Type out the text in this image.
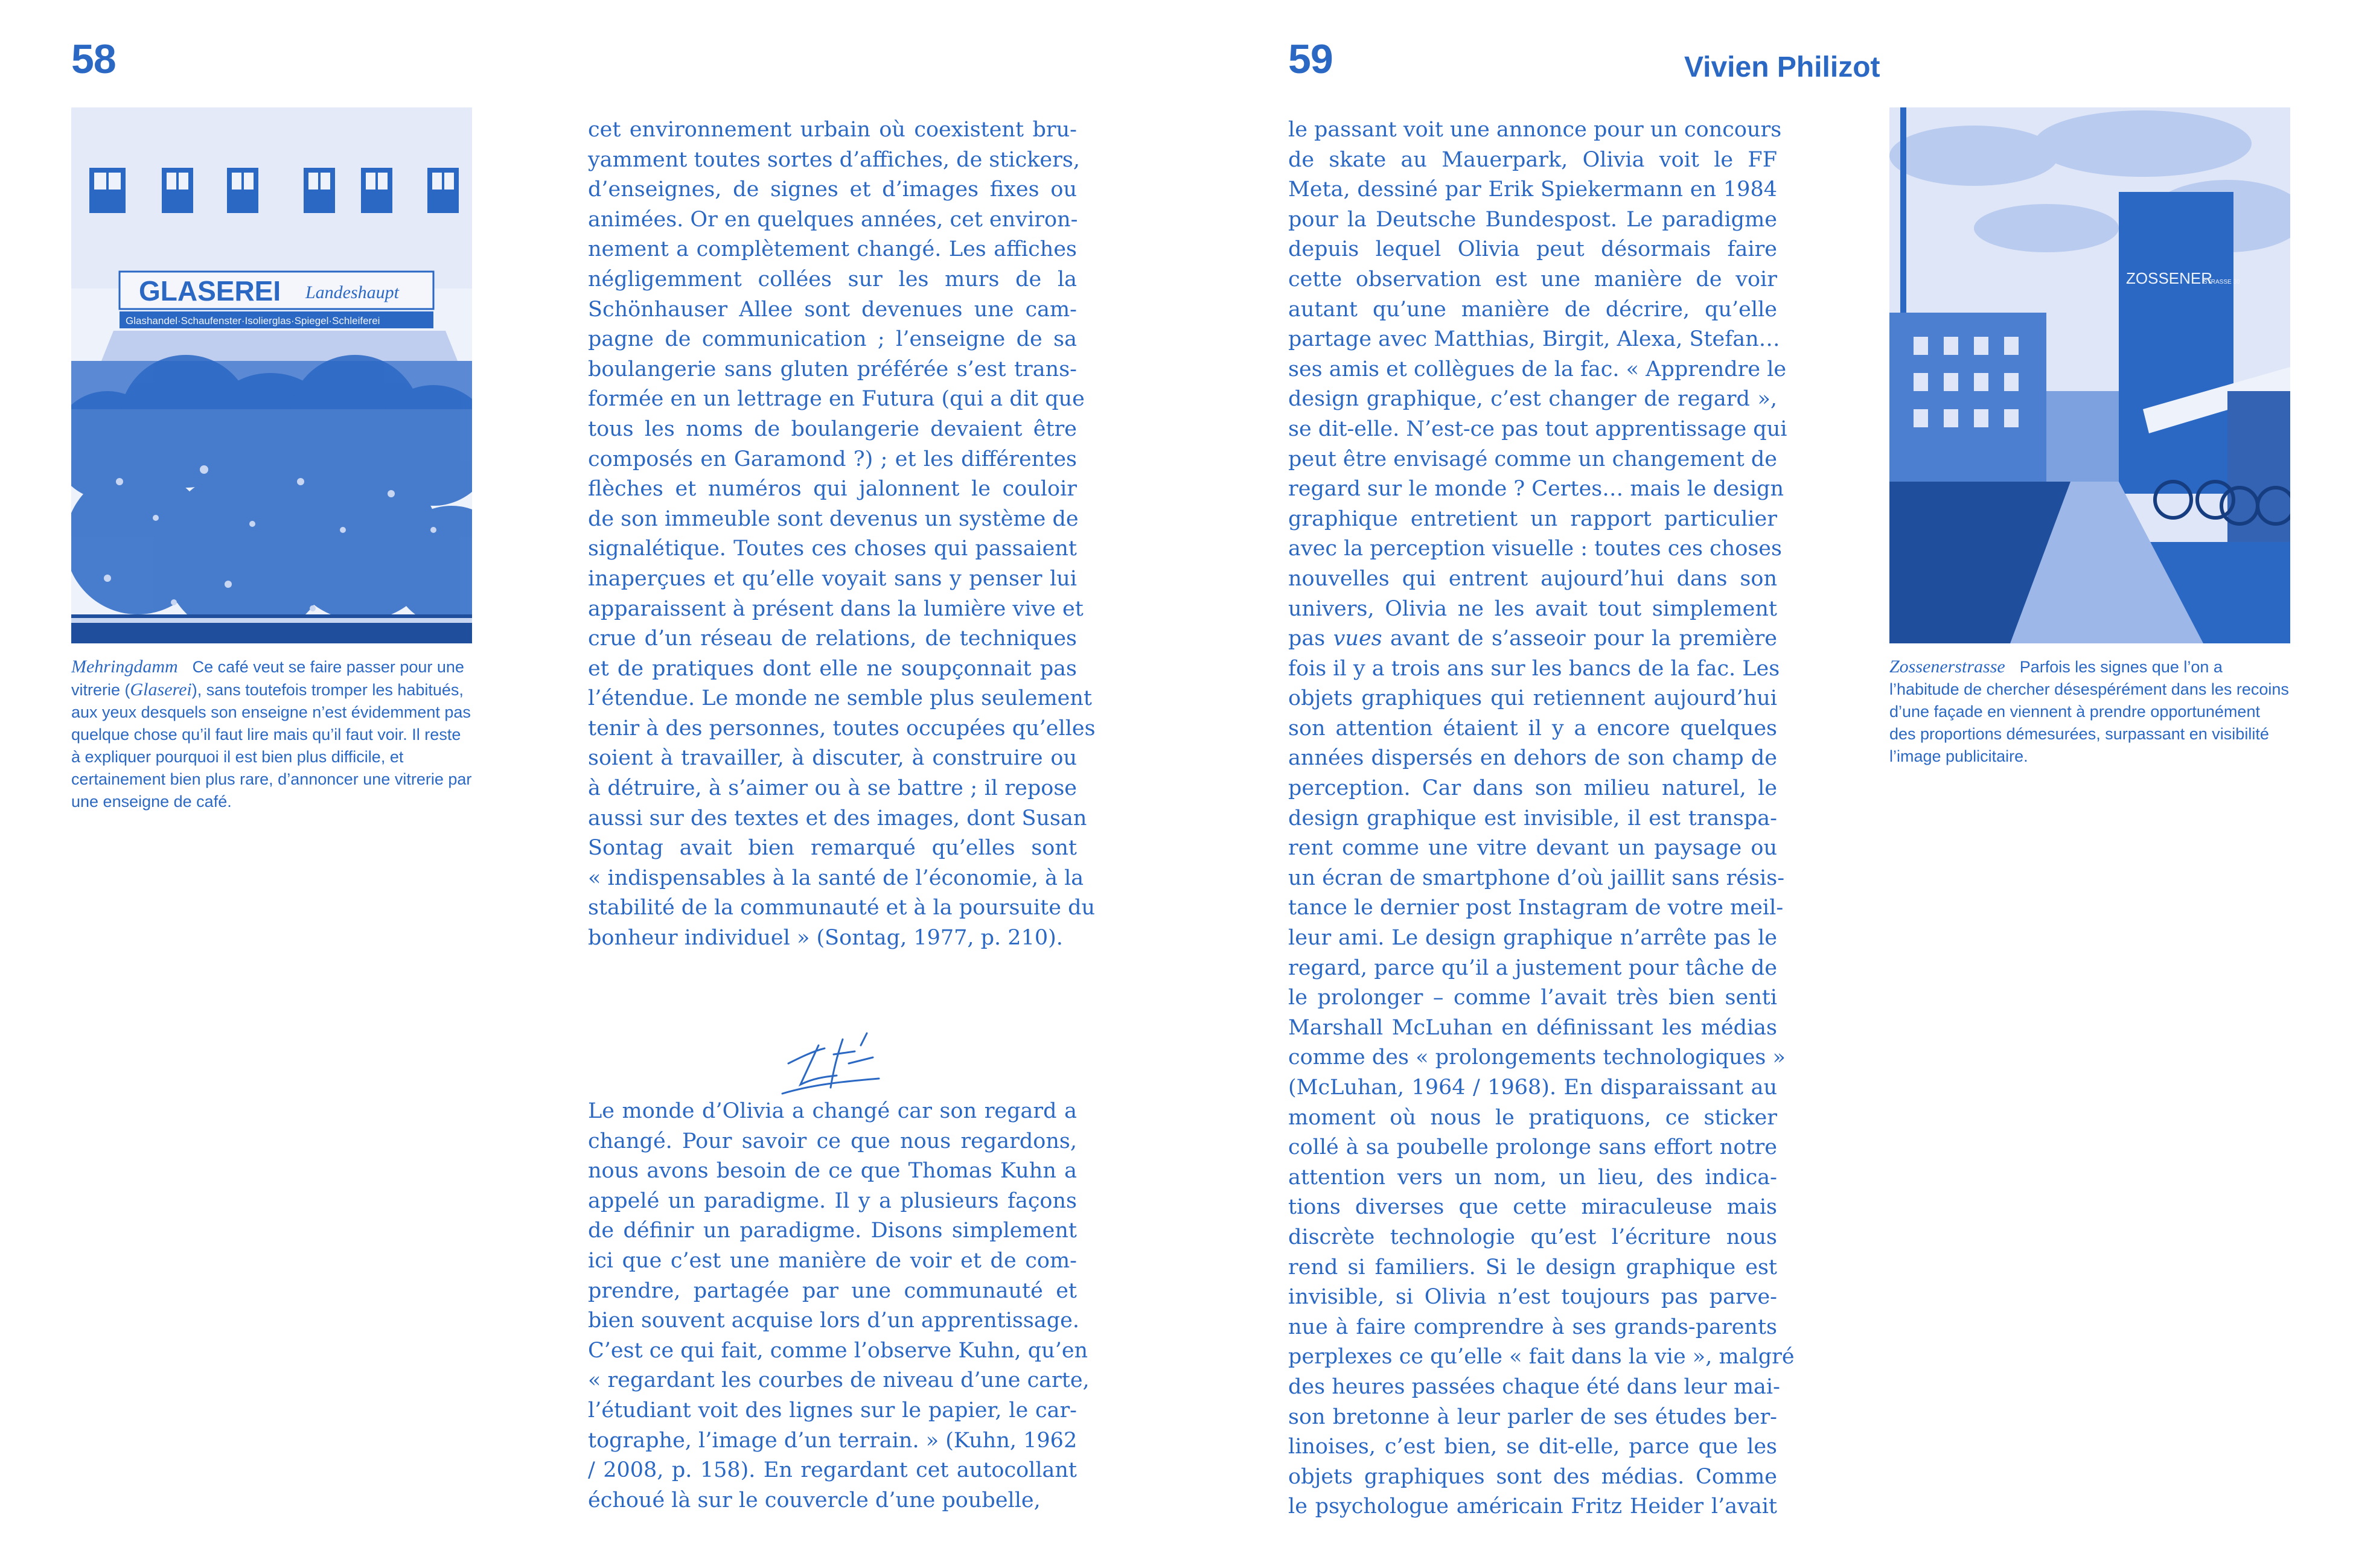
58
GLASEREI Landeshaupt
Glashandel·Schaufenster·Isolierglas·Spiegel·Schleiferei
Mehringdamm Ce café veut se faire passer pour une vitrerie (Glaserei), sans toutefois tromper les habitués, aux yeux desquels son enseigne n’est évidemment pas quelque chose qu’il faut lire mais qu’il faut voir. Il reste à expliquer pourquoi il est bien plus difficile, et certainement bien plus rare, d’annoncer une vitrerie par une enseigne de café.
cet environnement urbain où coexistent bru-
yamment toutes sortes d’affiches, de stickers,
d’enseignes, de signes et d’images fixes ou
animées. Or en quelques années, cet environ-
nement a complètement changé. Les affiches
négligemment collées sur les murs de la
Schönhauser Allee sont devenues une cam-
pagne de communication ; l’enseigne de sa
boulangerie sans gluten préférée s’est trans-
formée en un lettrage en Futura (qui a dit que
tous les noms de boulangerie devaient être
composés en Garamond ?) ; et les différentes
flèches et numéros qui jalonnent le couloir
de son immeuble sont devenus un système de
signalétique. Toutes ces choses qui passaient
inaperçues et qu’elle voyait sans y penser lui
apparaissent à présent dans la lumière vive et
crue d’un réseau de relations, de techniques
et de pratiques dont elle ne soupçonnait pas
l’étendue. Le monde ne semble plus seulement
tenir à des personnes, toutes occupées qu’elles
soient à travailler, à discuter, à construire ou
à détruire, à s’aimer ou à se battre ; il repose
aussi sur des textes et des images, dont Susan
Sontag avait bien remarqué qu’elles sont
« indispensables à la santé de l’économie, à la
stabilité de la communauté et à la poursuite du
bonheur individuel » (Sontag, 1977, p. 210).
Le monde d’Olivia a changé car son regard a
changé. Pour savoir ce que nous regardons,
nous avons besoin de ce que Thomas Kuhn a
appelé un paradigme. Il y a plusieurs façons
de définir un paradigme. Disons simplement
ici que c’est une manière de voir et de com-
prendre, partagée par une communauté et
bien souvent acquise lors d’un apprentissage.
C’est ce qui fait, comme l’observe Kuhn, qu’en
« regardant les courbes de niveau d’une carte,
l’étudiant voit des lignes sur le papier, le car-
tographe, l’image d’un terrain. » (Kuhn, 1962
/ 2008, p. 158). En regardant cet autocollant
échoué là sur le couvercle d’une poubelle,
59	Vivien Philizot
le passant voit une annonce pour un concours
de skate au Mauerpark, Olivia voit le FF
Meta, dessiné par Erik Spiekermann en 1984
pour la Deutsche Bundespost. Le paradigme
depuis lequel Olivia peut désormais faire
cette observation est une manière de voir
autant qu’une manière de décrire, qu’elle
partage avec Matthias, Birgit, Alexa, Stefan…
ses amis et collègues de la fac. « Apprendre le
design graphique, c’est changer de regard »,
se dit-elle. N’est-ce pas tout apprentissage qui
peut être envisagé comme un changement de
regard sur le monde ? Certes… mais le design
graphique entretient un rapport particulier
avec la perception visuelle : toutes ces choses
nouvelles qui entrent aujourd’hui dans son
univers, Olivia ne les avait tout simplement
pas vues avant de s’asseoir pour la première
fois il y a trois ans sur les bancs de la fac. Les
objets graphiques qui retiennent aujourd’hui
son attention étaient il y a encore quelques
années dispersés en dehors de son champ de
perception. Car dans son milieu naturel, le
design graphique est invisible, il est transpa-
rent comme une vitre devant un paysage ou
un écran de smartphone d’où jaillit sans résis-
tance le dernier post Instagram de votre meil-
leur ami. Le design graphique n’arrête pas le
regard, parce qu’il a justement pour tâche de
le prolonger – comme l’avait très bien senti
Marshall McLuhan en définissant les médias
comme des « prolongements technologiques »
(McLuhan, 1964 / 1968). En disparaissant au
moment où nous le pratiquons, ce sticker
collé à sa poubelle prolonge sans effort notre
attention vers un nom, un lieu, des indica-
tions diverses que cette miraculeuse mais
discrète technologie qu’est l’écriture nous
rend si familiers. Si le design graphique est
invisible, si Olivia n’est toujours pas parve-
nue à faire comprendre à ses grands-parents
perplexes ce qu’elle « fait dans la vie », malgré
des heures passées chaque été dans leur mai-
son bretonne à leur parler de ses études ber-
linoises, c’est bien, se dit-elle, parce que les
objets graphiques sont des médias. Comme
le psychologue américain Fritz Heider l’avait
ZOSSENER
STRASSE 30
Zossenerstrasse Parfois les signes que l’on a l’habitude de chercher désespérément dans les recoins d’une façade en viennent à prendre opportunément des proportions démesurées, surpassant en visibilité l’image publicitaire.
